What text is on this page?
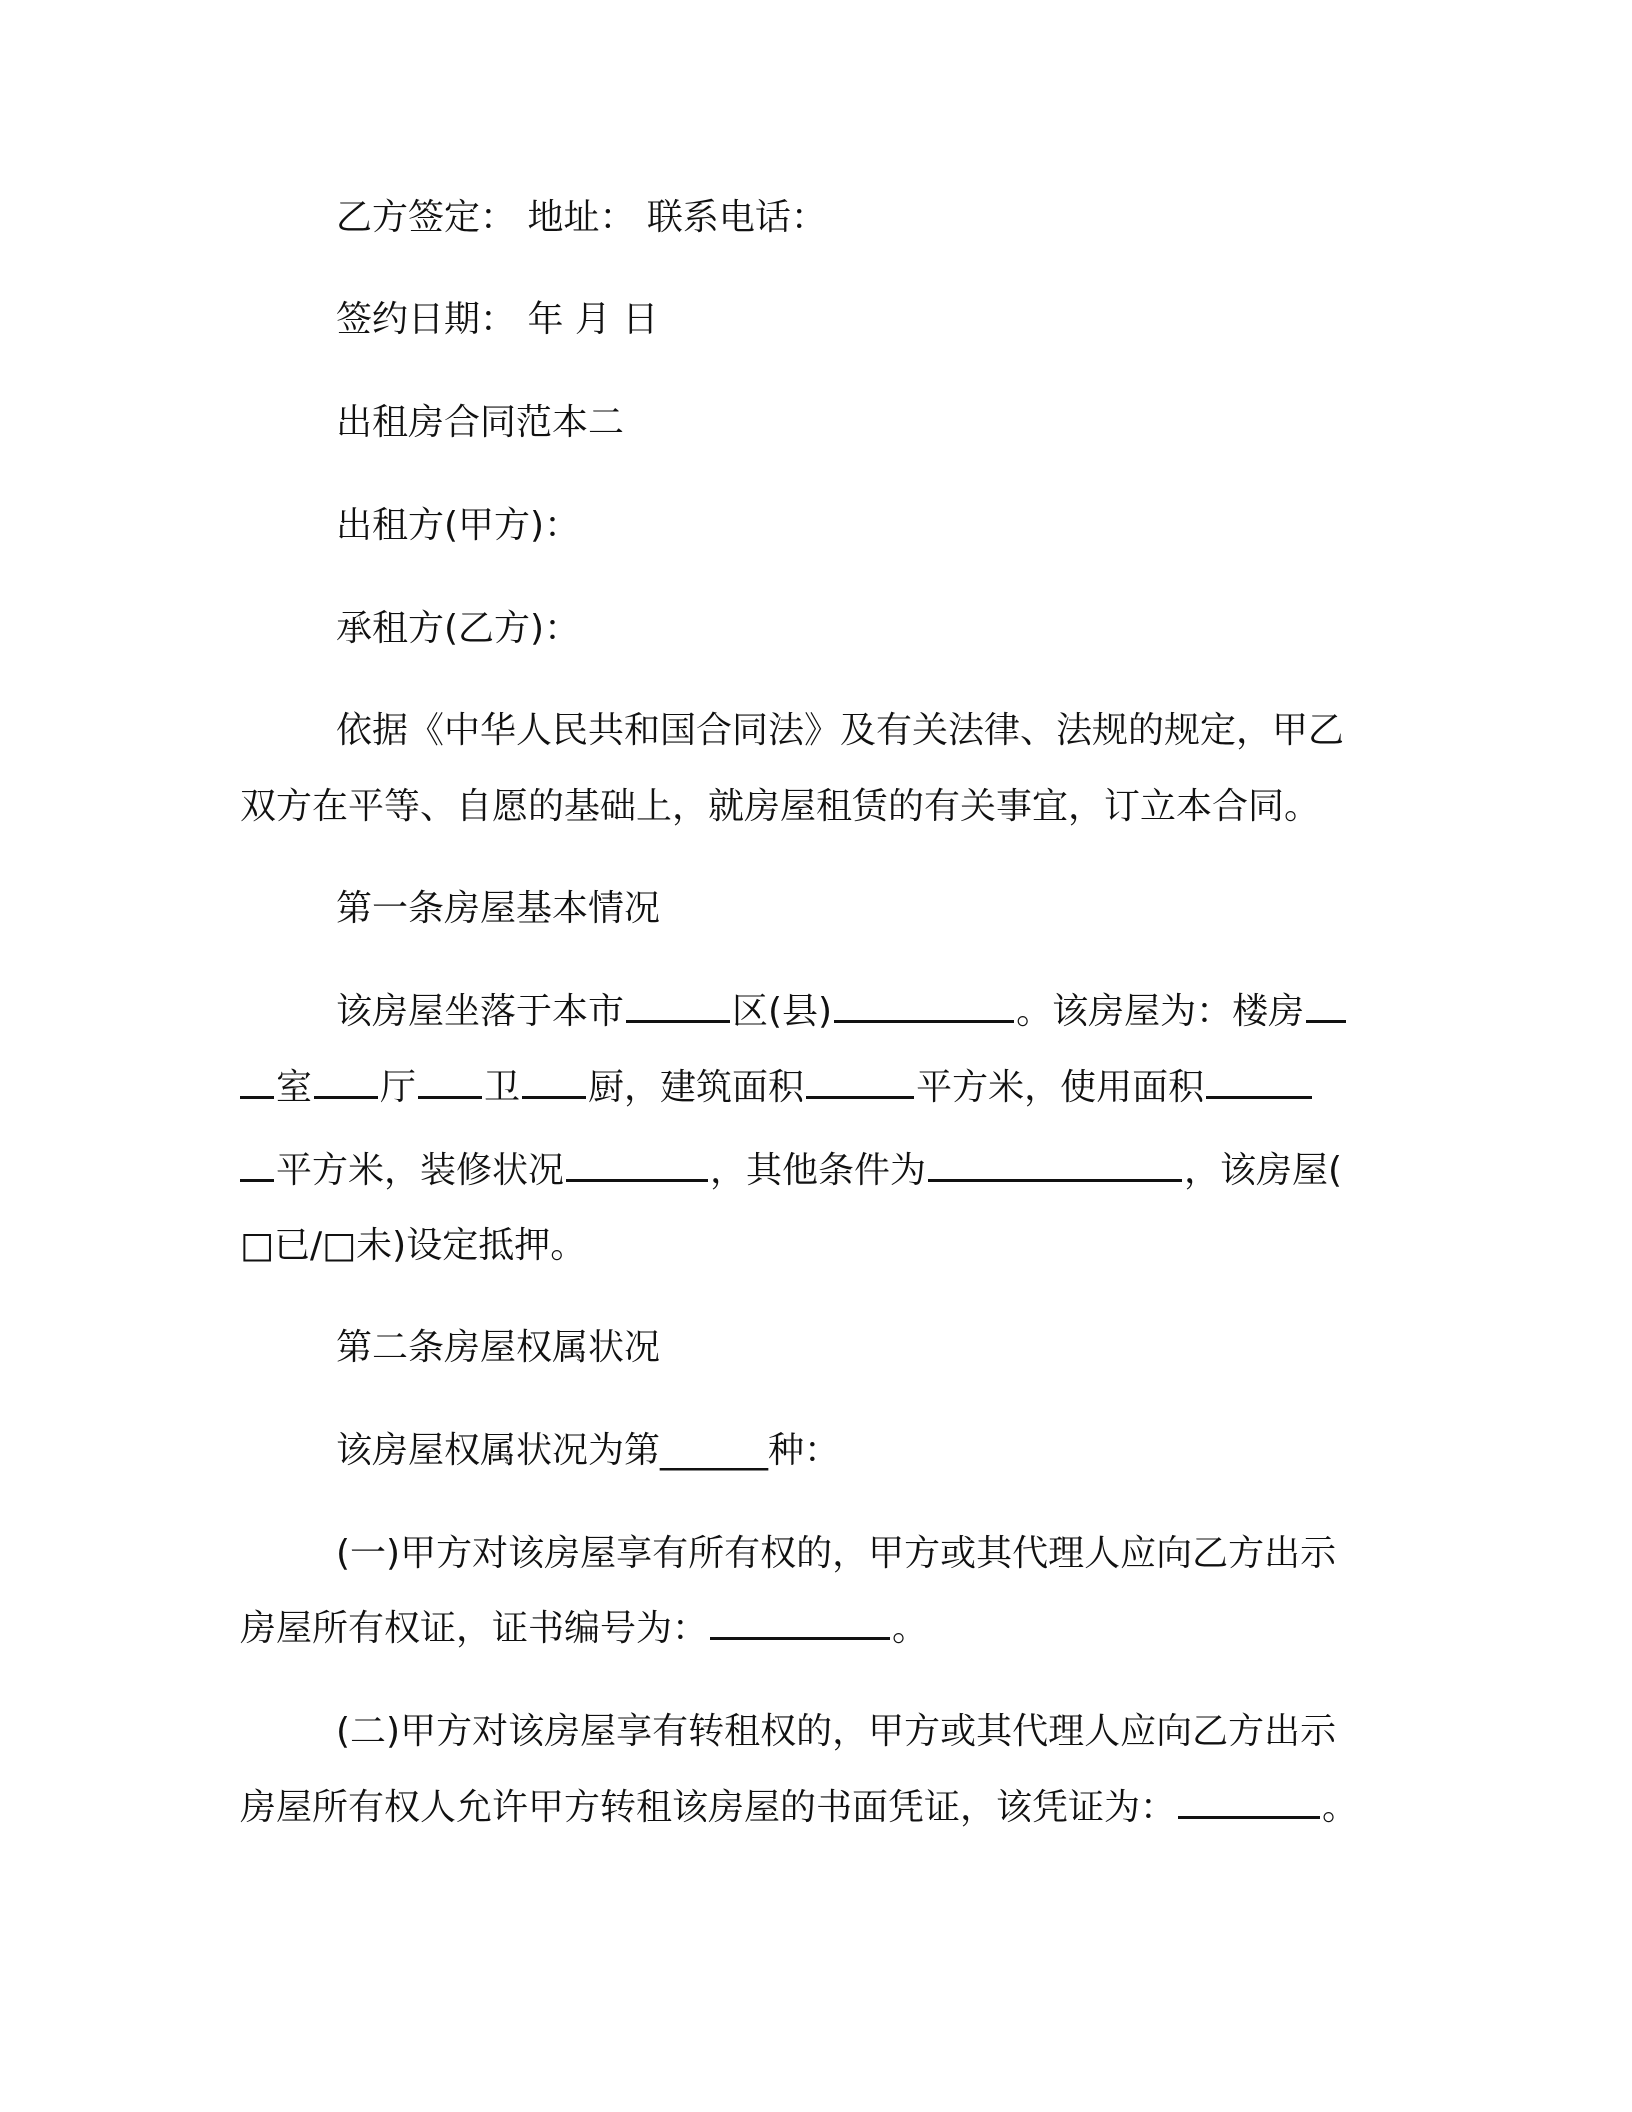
乙方签定： 地址： 联系电话：
签约日期： 年 月 日
出租房合同范本二
出租方(甲方)：
承租方(乙方)：
依据《中华人民共和国合同法》及有关法律、法规的规定，甲乙
双方在平等、自愿的基础上，就房屋租赁的有关事宜，订立本合同。
第一条房屋基本情况
该房屋坐落于本市	区(县)	。该房屋为：楼房
室 厅 卫 厨，建筑面积	平方米，使用面积
平方米，装修状况	，其他条件为	，该房屋(
□已/□未)设定抵押。
第二条房屋权属状况
该房屋权属状况为第______种：
(一)甲方对该房屋享有所有权的，甲方或其代理人应向乙方出示
房屋所有权证，证书编号为：	。
(二)甲方对该房屋享有转租权的，甲方或其代理人应向乙方出示
房屋所有权人允许甲方转租该房屋的书面凭证，该凭证为：	。
